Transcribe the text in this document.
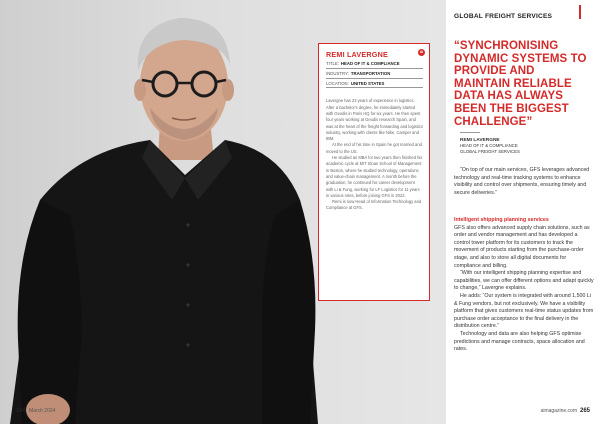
264 March 2024
REMI LAVERGNE	AI
TITLE: HEAD OF IT & COMPLIANCE
INDUSTRY: TRANSPORTATION
LOCATION: UNITED STATES

Lavergne has 23 years of experience in logistics. After a bachelor's degree, he immediately started with Geodis in Paris HQ for six years. He then spent four years working at Geodis research Spain, and was at the heart of the freight forwarding and logistics industry, working with clients like Nike, Camper and IBM.

At the end of his time in Spain he got married and moved to the US.

He studied an MBA for two years then finished his academic cycle at MIT Sloan School of Management in Boston, where he studied technology, operations and value-chain management. A month before the graduation, he continued his career development with Li & Fung, working for LF Logistics for 11 years in various roles, before joining GFS in 2022.

Remi is now Head of Information Technology and Compliance at GFS.

GLOBAL FREIGHT SERVICES
“SYNCHRONISING DYNAMIC SYSTEMS TO PROVIDE AND MAINTAIN RELIABLE DATA HAS ALWAYS BEEN THE BIGGEST CHALLENGE”
REMI LAVERGNE
HEAD OF IT & COMPLIANCE
GLOBAL FREIGHT SERVICES

“On top of our main services, GFS leverages advanced technology and real-time tracking systems to enhance visibility and control over shipments, ensuring timely and secure deliveries.”

Intelligent shipping planning services

GFS also offers advanced supply chain solutions, such as order and vendor management and has developed a control tower platform for its customers to track the movement of products starting from the purchase-order stage, and also to store all digital documents for compliance and billing.

“With our intelligent shipping planning expertise and capabilities, we can offer different options and adapt quickly to change,” Lavergne explains.

He adds: “Our system is integrated with around 1,500 Li & Fung vendors, but not exclusively. We have a visibility platform that gives customers real-time status updates from purchase order acceptance to the final delivery in the distribution centre.”

Technology and data are also helping GFS optimise predictions and manage contracts, space allocation and rates.

aimagazine.com 265
